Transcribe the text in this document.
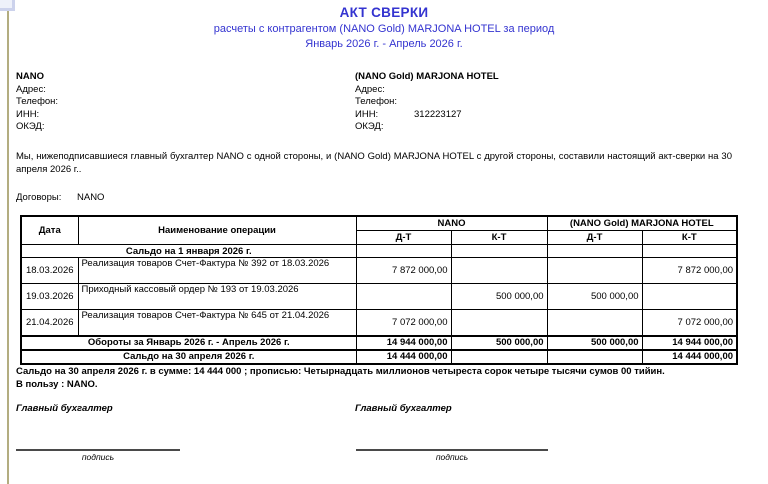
АКТ СВЕРКИ
расчеты с контрагентом (NANO Gold) MARJONA HOTEL за период
Январь 2026 г. - Апрель 2026 г.
NANO
Адрес:
Телефон:
ИНН:
ОКЭД:
(NANO Gold) MARJONA HOTEL
Адрес:
Телефон:
ИНН:	312223127
ОКЭД:
Мы, нижеподписавшиеся главный бухгалтер NANO с одной стороны, и (NANO Gold) MARJONA HOTEL с другой стороны, составили настоящий акт-сверки на 30 апреля 2026 г..
Договоры:	NANO
Дата	Наименование операции	NANO		(NANO Gold) MARJONA HOTEL	
		Д-Т	К-Т	Д-Т	К-Т
Сальдо на 1 января 2026 г.					
18.03.2026	Реализация товаров Счет-Фактура № 392 от 18.03.2026	7 872 000,00			7 872 000,00
19.03.2026	Приходный кассовый ордер № 193 от 19.03.2026		500 000,00	500 000,00	
21.04.2026	Реализация товаров Счет-Фактура № 645 от 21.04.2026	7 072 000,00			7 072 000,00
Обороты за Январь 2026 г. - Апрель 2026 г.		14 944 000,00	500 000,00	500 000,00	14 944 000,00
Сальдо на 30 апреля 2026 г.		14 444 000,00			14 444 000,00
Сальдо на 30 апреля 2026 г. в сумме: 14 444 000 ; прописью: Четырнадцать миллионов четыреста сорок четыре тысячи сумов 00 тийин.
В пользу : NANO.
Главный бухгалтер	Главный бухгалтер
подпись	подпись
